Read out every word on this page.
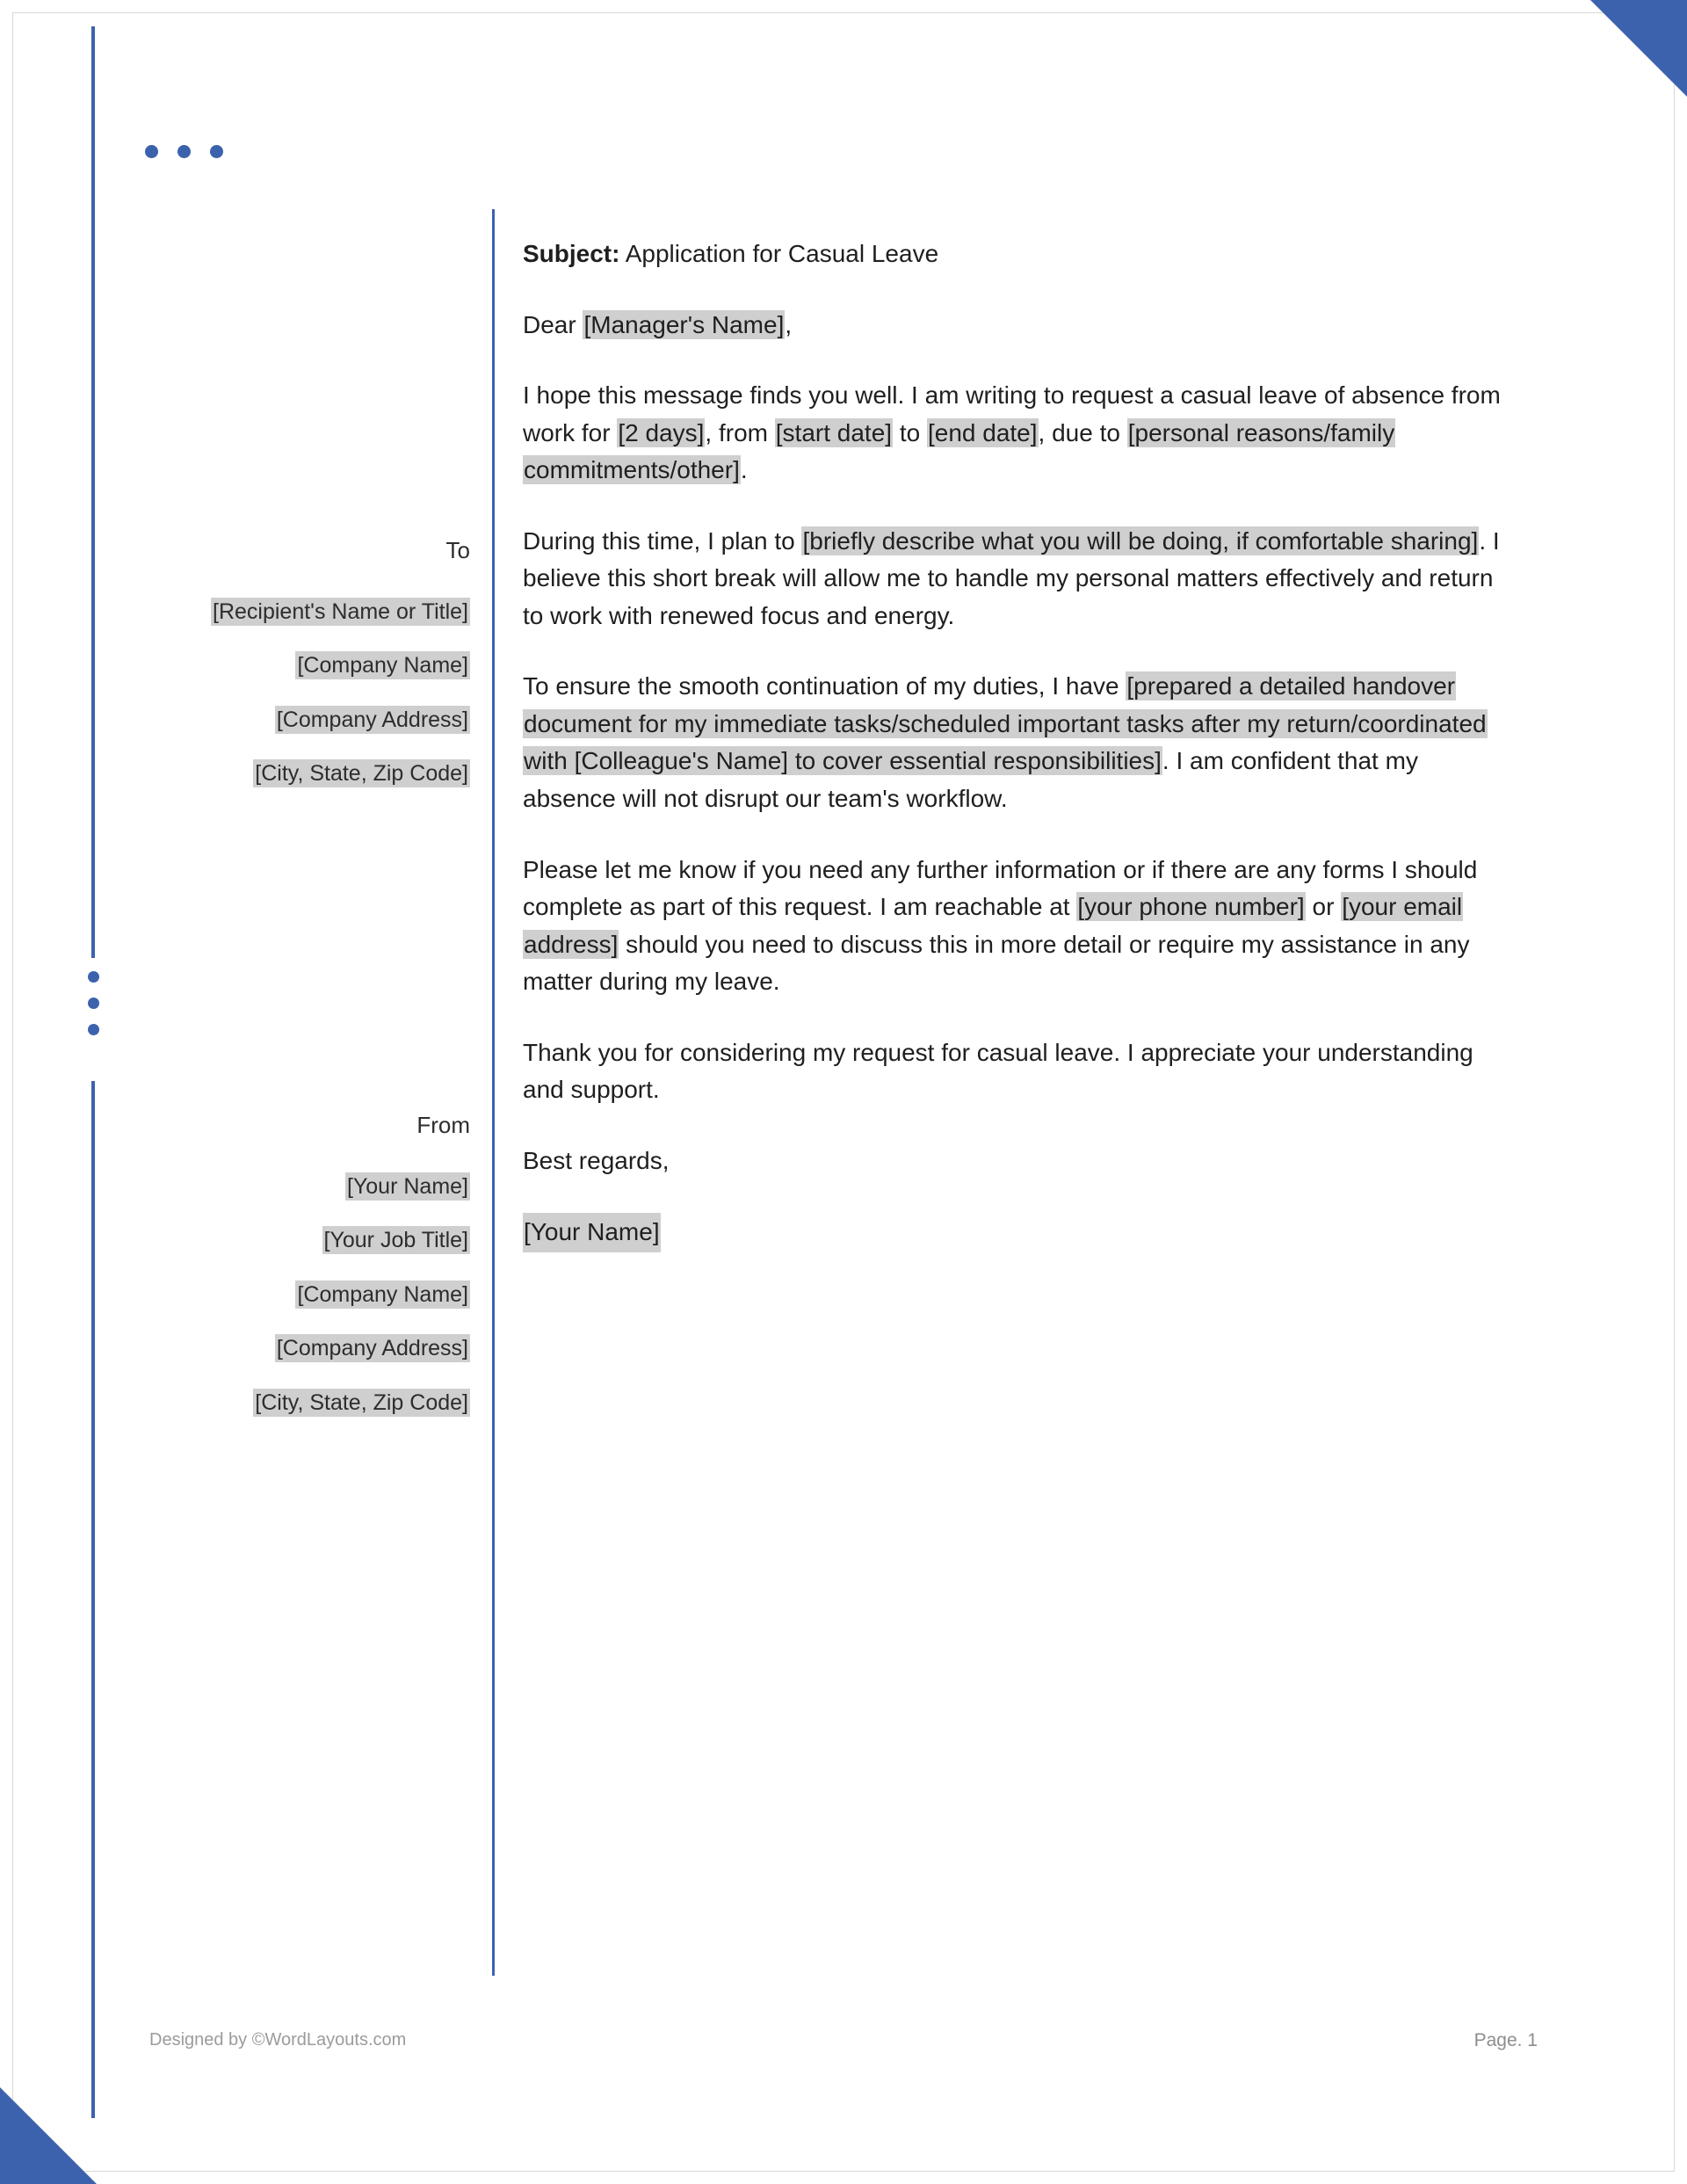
To
[Recipient's Name or Title]
[Company Name]
[Company Address]
[City, State, Zip Code]
From
[Your Name]
[Your Job Title]
[Company Name]
[Company Address]
[City, State, Zip Code]

Subject: Application for Casual Leave

Dear [Manager's Name],

I hope this message finds you well. I am writing to request a casual leave of absence from work for [2 days], from [start date] to [end date], due to [personal reasons/family commitments/other].

During this time, I plan to [briefly describe what you will be doing, if comfortable sharing]. I believe this short break will allow me to handle my personal matters effectively and return to work with renewed focus and energy.

To ensure the smooth continuation of my duties, I have [prepared a detailed handover document for my immediate tasks/scheduled important tasks after my return/coordinated with [Colleague's Name] to cover essential responsibilities]. I am confident that my absence will not disrupt our team's workflow.

Please let me know if you need any further information or if there are any forms I should complete as part of this request. I am reachable at [your phone number] or [your email address] should you need to discuss this in more detail or require my assistance in any matter during my leave.

Thank you for considering my request for casual leave. I appreciate your understanding and support.

Best regards,

[Your Name]

Designed by ©WordLayouts.com	Page. 1
